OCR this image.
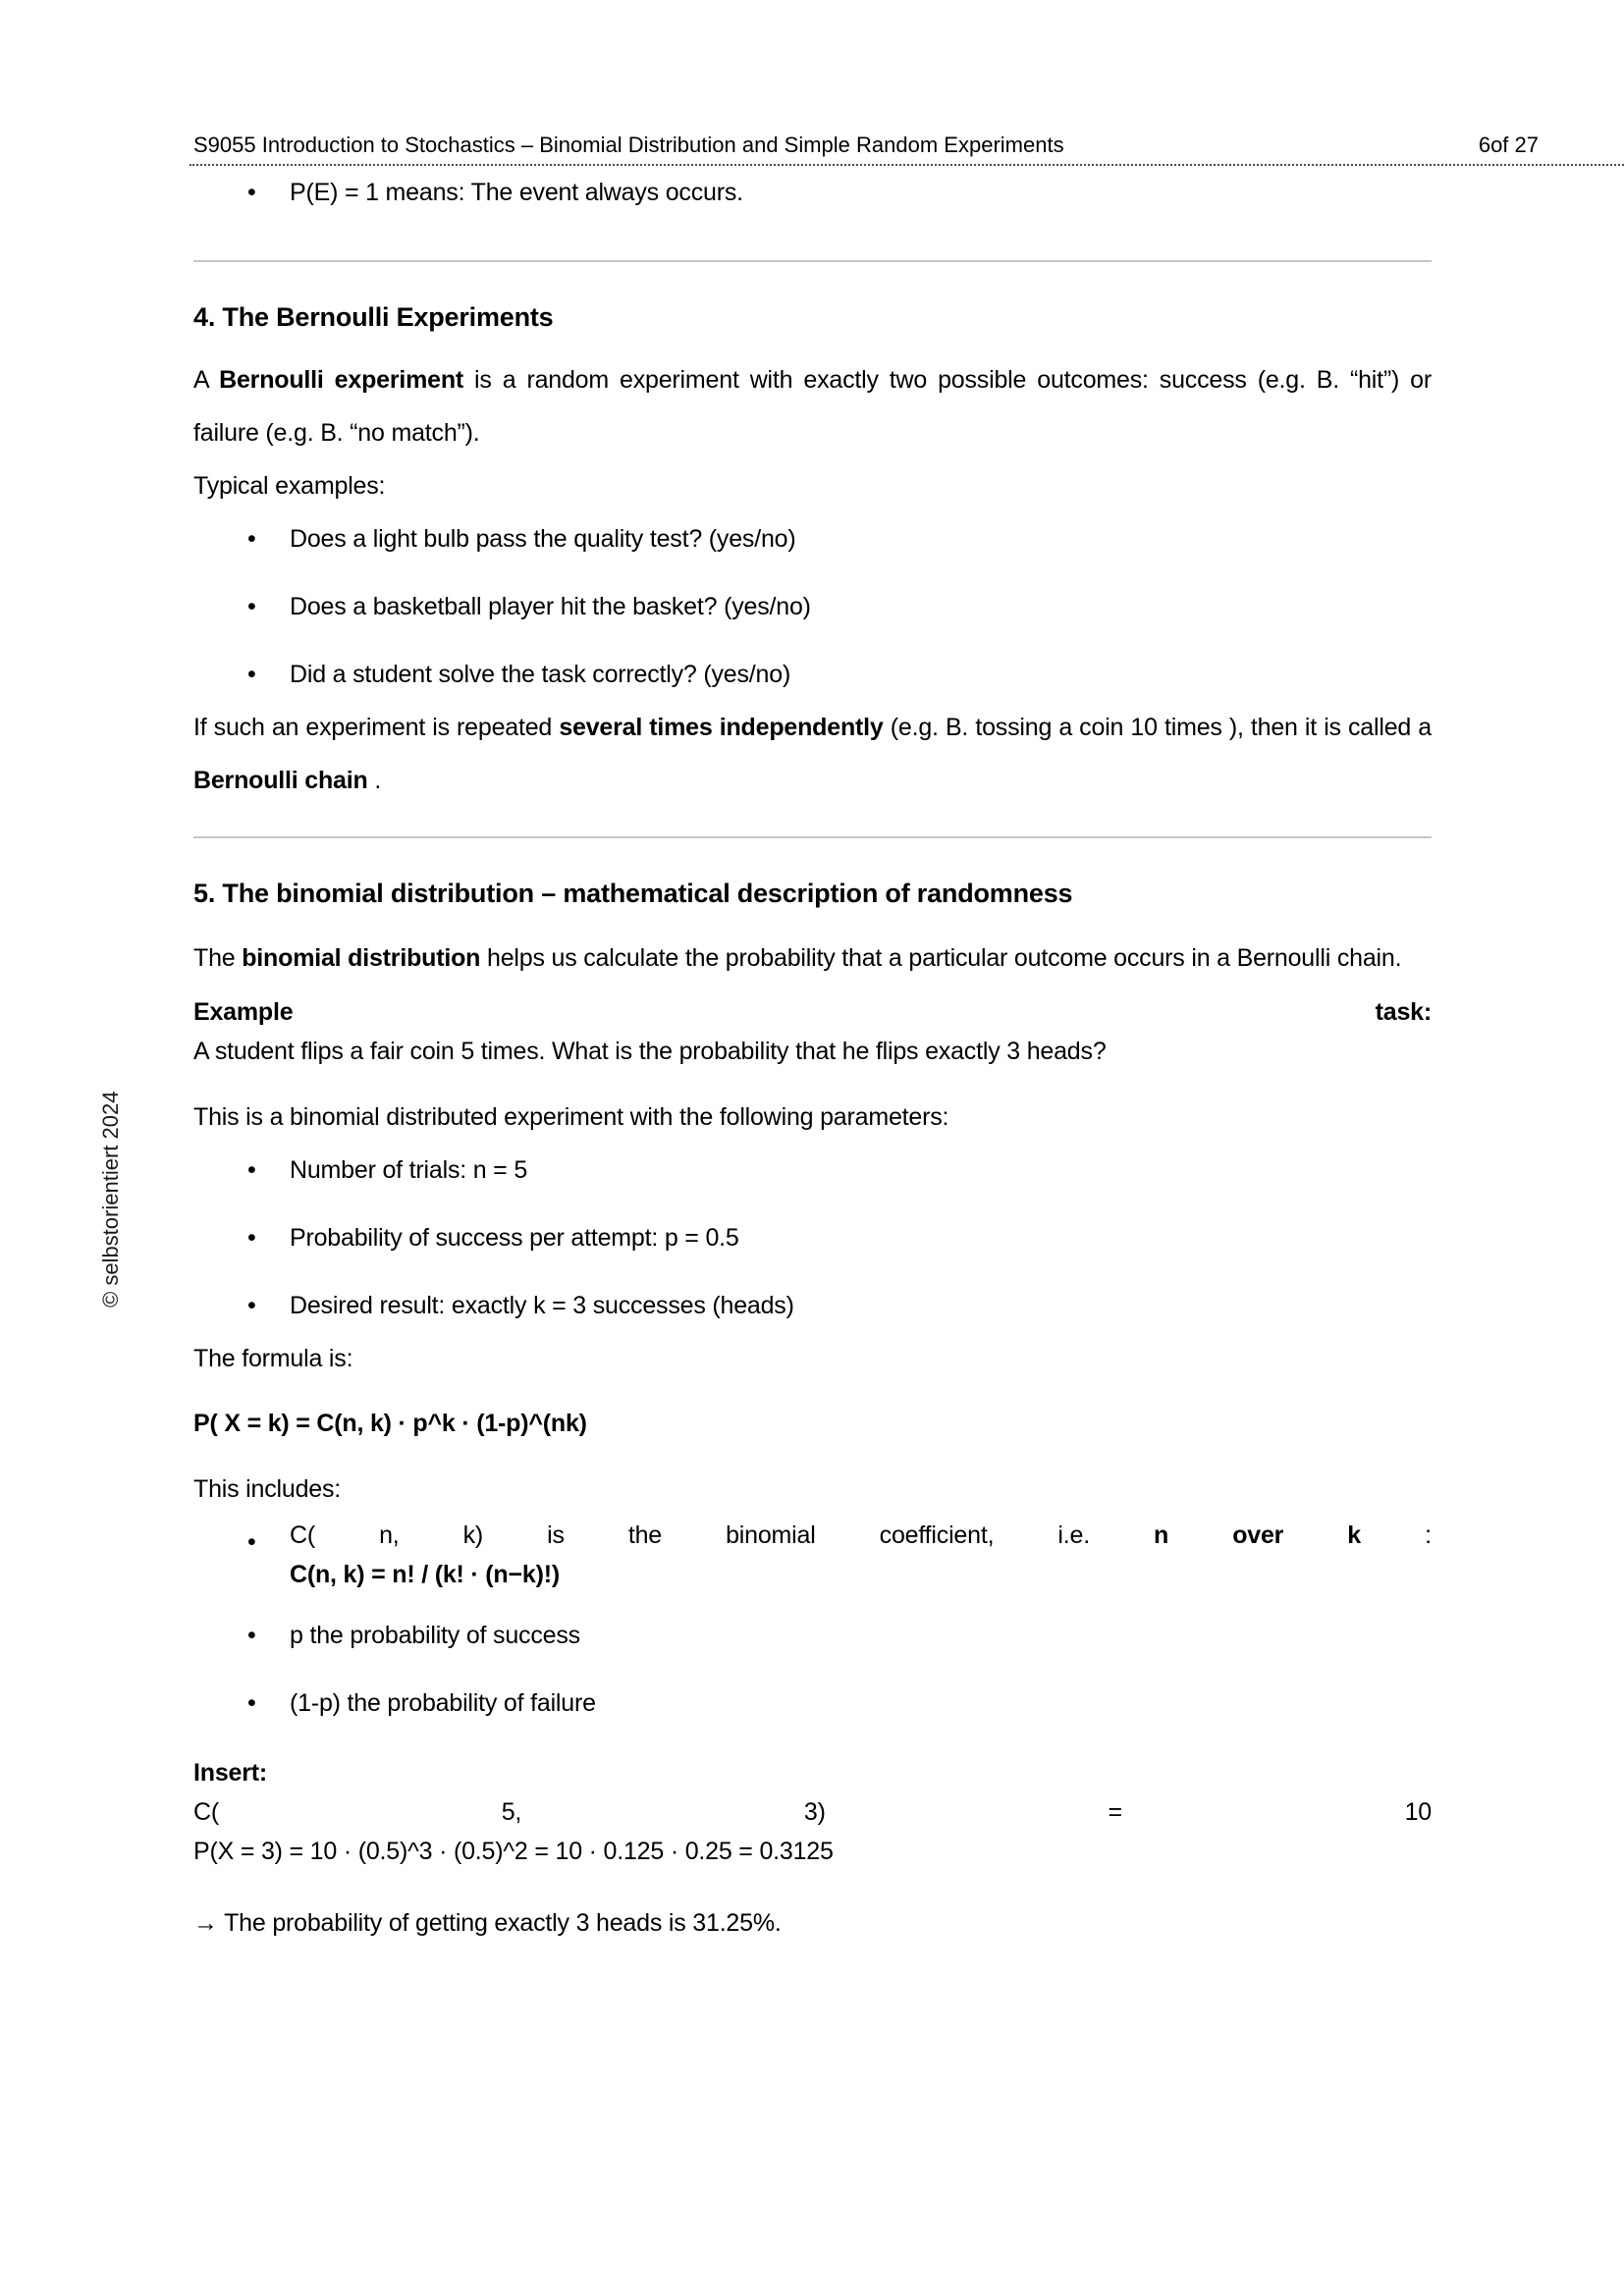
S9055 Introduction to Stochastics – Binomial Distribution and Simple Random Experiments	6of 27
© selbstorientiert 2024
•	P(E) = 1 means: The event always occurs.
4. The Bernoulli Experiments

A Bernoulli experiment is a random experiment with exactly two possible outcomes: success (e.g. B. “hit”) or failure (e.g. B. “no match”).

Typical examples:

•	Does a light bulb pass the quality test? (yes/no)
•	Does a basketball player hit the basket? (yes/no)
•	Did a student solve the task correctly? (yes/no)

If such an experiment is repeated several times independently (e.g. B. tossing a coin 10 times ), then it is called a Bernoulli chain .

5. The binomial distribution – mathematical description of randomness

The binomial distribution helps us calculate the probability that a particular outcome occurs in a Bernoulli chain.

Example	task:
A student flips a fair coin 5 times. What is the probability that he flips exactly 3 heads?

This is a binomial distributed experiment with the following parameters:

•	Number of trials: n = 5
•	Probability of success per attempt: p = 0.5
•	Desired result: exactly k = 3 successes (heads)

The formula is:

P( X = k) = C(n, k) · p^k · (1-p)^(nk)

This includes:

•	C(	n,	k)	is	the	binomial	coefficient,	i.e.	n	over	k	:
C(n, k) = n! / (k! · (n−k)!)
•	p the probability of success
•	(1-p) the probability of failure
Insert:
C(	5,	3)	=	10
P(X = 3) = 10 · (0.5)^3 · (0.5)^2 = 10 · 0.125 · 0.25 = 0.3125

→ The probability of getting exactly 3 heads is 31.25%.
